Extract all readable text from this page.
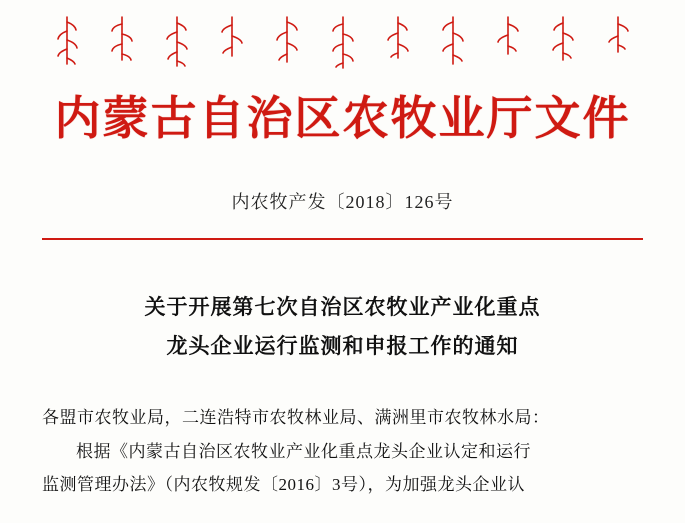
内蒙古自治区农牧业厅文件
内农牧产发〔2018〕126号
关于开展第七次自治区农牧业产业化重点
龙头企业运行监测和申报工作的通知

各盟市农牧业局，二连浩特市农牧林业局、满洲里市农牧林水局：

根据《内蒙古自治区农牧业产业化重点龙头企业认定和运行

监测管理办法》（内农牧规发〔2016〕3号），为加强龙头企业认
